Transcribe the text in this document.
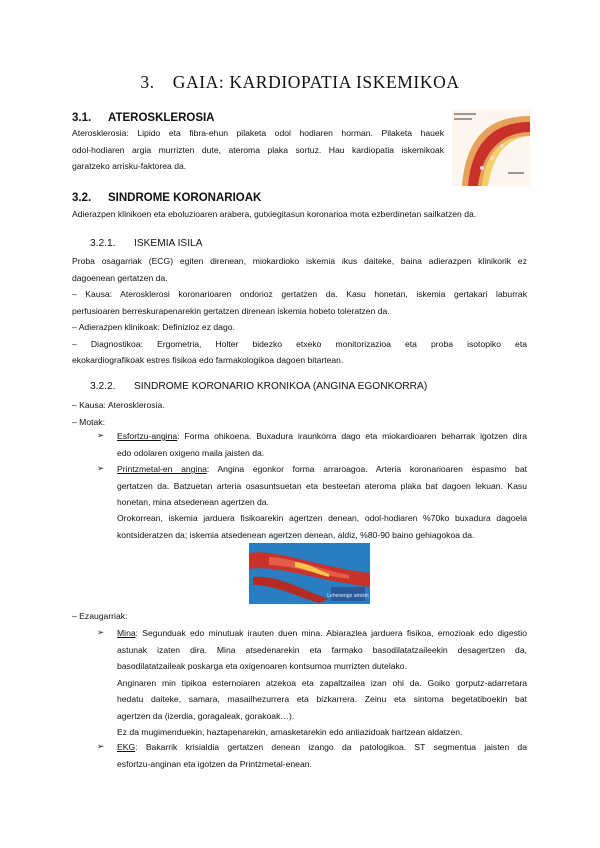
3. GAIA: KARDIOPATIA ISKEMIKOA
3.1. ATEROSKLEROSIA
Aterosklerosia: Lipido eta fibra-ehun pilaketa odol hodiaren horman. Pilaketa hauek
odol-hodiaren argia murrizten dute, ateroma plaka sortuz. Hau kardiopatia iskemikoak
garatzeko arrisku-faktorea da.
3.2. SINDROME KORONARIOAK
Adierazpen klinikoen eta eboluzioaren arabera, gutxiegitasun koronarioa mota ezberdinetan sailkatzen da.
3.2.1. ISKEMIA ISILA
Proba osagarriak (ECG) egiten direnean, miokardioko iskemia ikus daiteke, baina adierazpen klinikorik ez
dagoenean gertatzen da.
– Kausa: Aterosklerosi koronarioaren ondorioz gertatzen da. Kasu honetan, iskemia gertakari laburrak
perfusioaren berreskurapenarekin gertatzen direnean iskemia hobeto toleratzen da.
– Adierazpen klinikoak: Definizioz ez dago.
– Diagnostikoa: Ergometria, Holter bidezko etxeko monitorizazioa eta proba isotopiko eta
ekokardiografikoak estres fisikoa edo farmakologikoa dagoen bitartean.
3.2.2. SINDROME KORONARIO KRONIKOA (ANGINA EGONKORRA)
– Kausa: Aterosklerosia.
– Motak:
➢ Esfortzu-angina: Forma ohikoena. Buxadura iraunkorra dago eta miokardioaren beharrak igotzen dira
edo odolaren oxigeno maila jaisten da.
➢ Printzmetal-en angina: Angina egonkor forma arraroagoa. Arteria koronarioaren espasmo bat
gertatzen da. Batzuetan arteria osasuntsuetan eta besteetan ateroma plaka bat dagoen lekuan. Kasu
honetan, mina atsedenean agertzen da.
Orokorrean, iskemia jarduera fisikoarekin agertzen denean, odol-hodiaren %70ko buxadura dagoela
kontsideratzen da; iskemia atsedenean agertzen denean, aldiz, %80-90 baino gehiagokoa da.
Lehenengo artekin
– Ezaugarriak:
➢ Mina: Segunduak edo minutuak irauten duen mina. Abiarazlea jarduera fisikoa, emozioak edo digestio
astunak izaten dira. Mina atsedenarekin eta farmako basodilatatzaileekin desagertzen da,
basodilatatzaileak poskarga eta oxigenoaren kontsumoa murrizten dutelako.
Anginaren min tipikoa esternoiaren atzekoa eta zapaltzailea izan ohi da. Goiko gorputz-adarretara
hedatu daiteke, samara, masailhezurrera eta bizkarrera. Zeinu eta sintoma begetatiboekin bat
agertzen da (izerdia, goragaleak, gorakoak…).
Ez da mugimenduekin, haztapenarekin, arnasketarekin edo antiazidoak hartzean aldatzen.
➢ EKG: Bakarrik krisialdia gertatzen denean izango da patologikoa. ST segmentua jaisten da
esfortzu-anginan eta igotzen da Printzmetal-enean.
